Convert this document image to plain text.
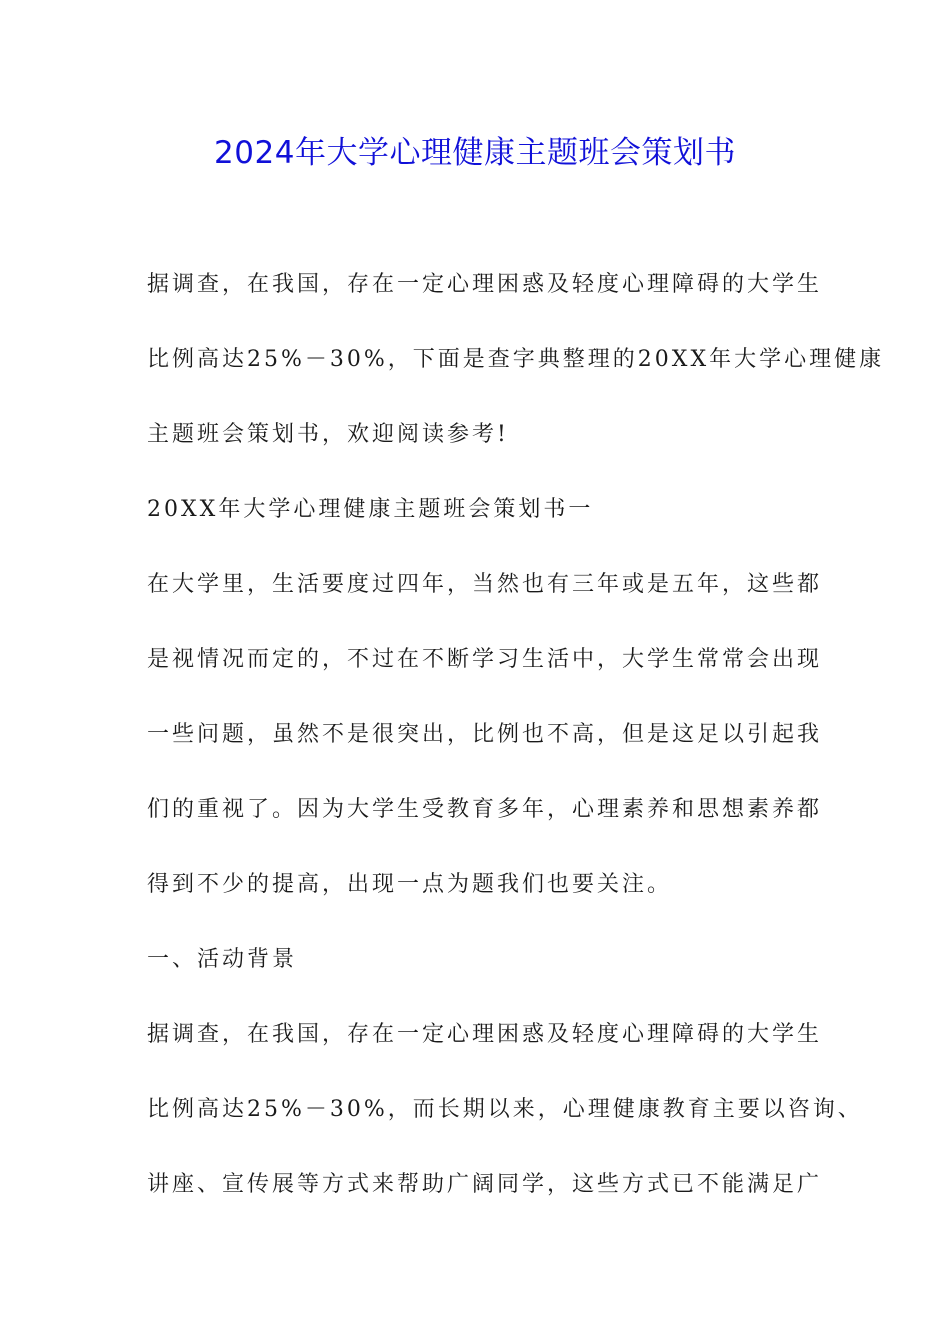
2024年大学心理健康主题班会策划书
据调查，在我国，存在一定心理困惑及轻度心理障碍的大学生
比例高达25%－30%，下面是查字典整理的20XX年大学心理健康
主题班会策划书，欢迎阅读参考!
20XX年大学心理健康主题班会策划书一
在大学里，生活要度过四年，当然也有三年或是五年，这些都
是视情况而定的，不过在不断学习生活中，大学生常常会出现
一些问题，虽然不是很突出，比例也不高，但是这足以引起我
们的重视了。因为大学生受教育多年，心理素养和思想素养都
得到不少的提高，出现一点为题我们也要关注。
一、活动背景
据调查，在我国，存在一定心理困惑及轻度心理障碍的大学生
比例高达25%－30%，而长期以来，心理健康教育主要以咨询、
讲座、宣传展等方式来帮助广阔同学，这些方式已不能满足广
